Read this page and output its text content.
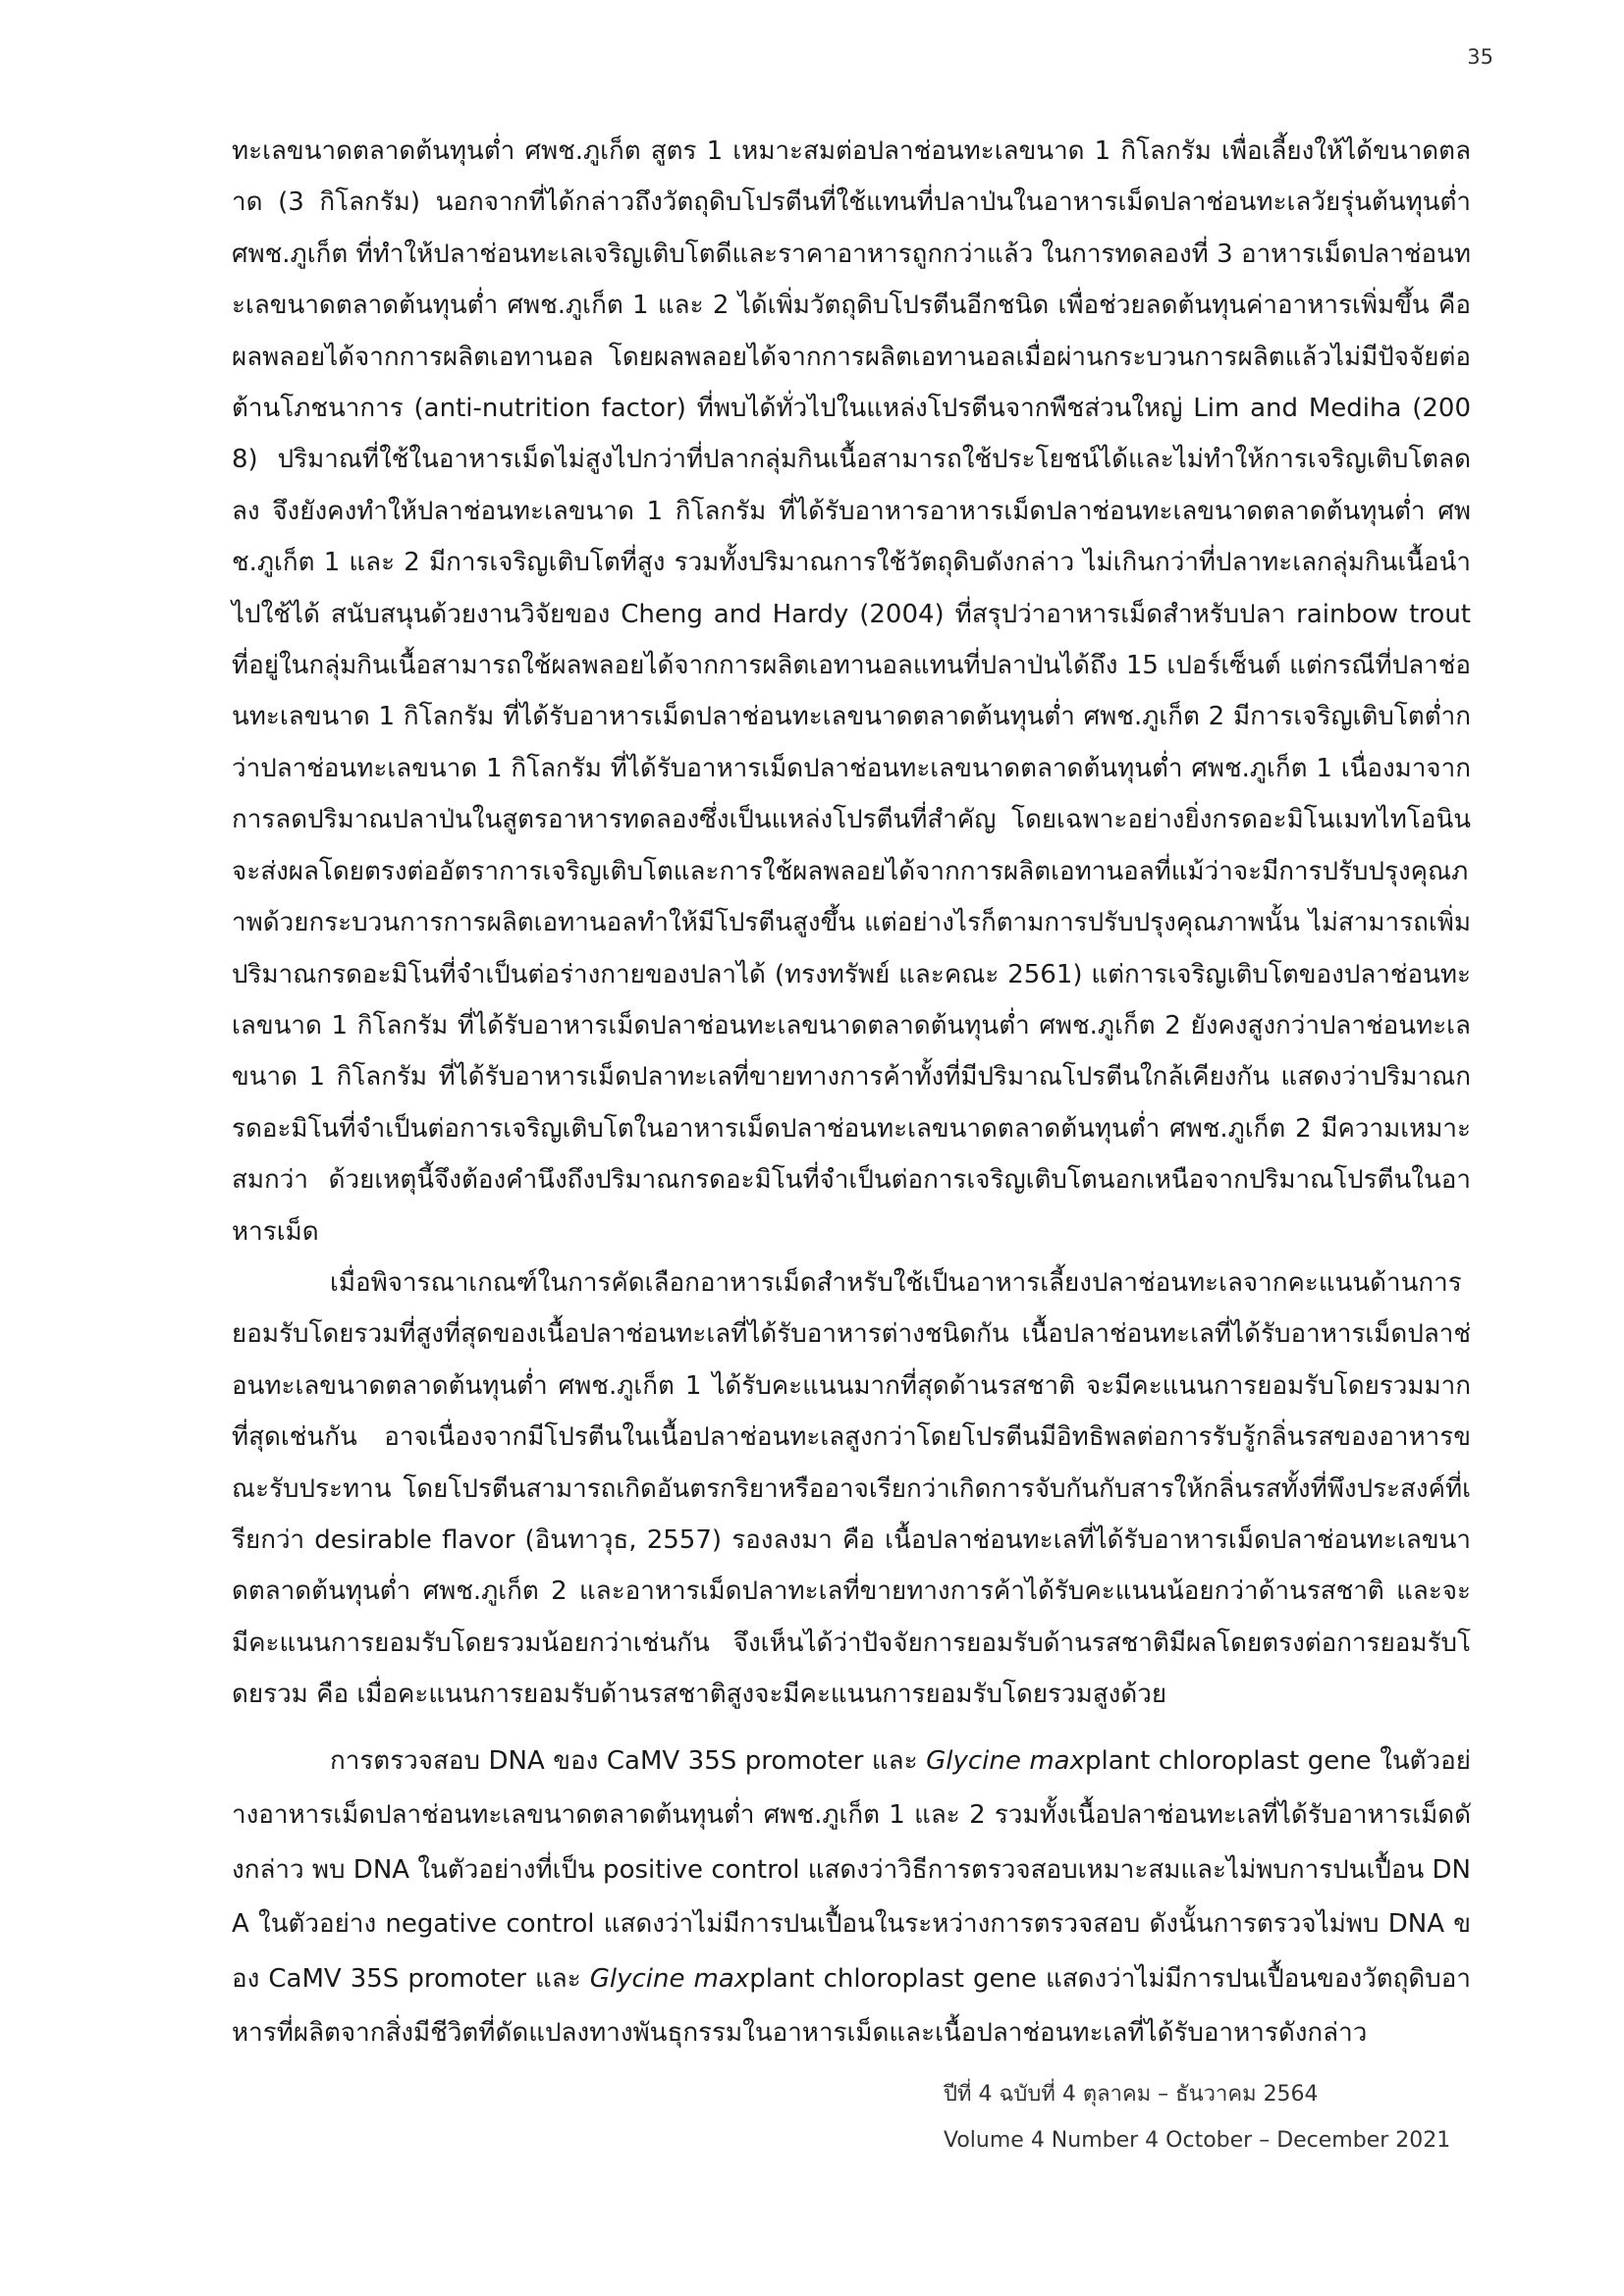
35

ทะเลขนาดตลาดต้นทุนต่ำ ศพช.ภูเก็ต สูตร 1 เหมาะสมต่อปลาช่อนทะเลขนาด 1 กิโลกรัม เพื่อเลี้ยงให้ได้ขนาดตลาด (3 กิโลกรัม) นอกจากที่ได้กล่าวถึงวัตถุดิบโปรตีนที่ใช้แทนที่ปลาป่นในอาหารเม็ดปลาช่อนทะเลวัยรุ่นต้นทุนต่ำ ศพช.ภูเก็ต ที่ทำให้ปลาช่อนทะเลเจริญเติบโตดีและราคาอาหารถูกกว่าแล้ว ในการทดลองที่ 3 อาหารเม็ดปลาช่อนทะเลขนาดตลาดต้นทุนต่ำ ศพช.ภูเก็ต 1 และ 2 ได้เพิ่มวัตถุดิบโปรตีนอีกชนิด เพื่อช่วยลดต้นทุนค่าอาหารเพิ่มขึ้น คือ ผลพลอยได้จากการผลิตเอทานอล โดยผลพลอยได้จากการผลิตเอทานอลเมื่อผ่านกระบวนการผลิตแล้วไม่มีปัจจัยต่อต้านโภชนาการ (anti-nutrition factor) ที่พบได้ทั่วไปในแหล่งโปรตีนจากพืชส่วนใหญ่ Lim and Mediha (2008) ปริมาณที่ใช้ในอาหารเม็ดไม่สูงไปกว่าที่ปลากลุ่มกินเนื้อสามารถใช้ประโยชน์ได้และไม่ทำให้การเจริญเติบโตลดลง จึงยังคงทำให้ปลาช่อนทะเลขนาด 1 กิโลกรัม ที่ได้รับอาหารอาหารเม็ดปลาช่อนทะเลขนาดตลาดต้นทุนต่ำ ศพช.ภูเก็ต 1 และ 2 มีการเจริญเติบโตที่สูง รวมทั้งปริมาณการใช้วัตถุดิบดังกล่าว ไม่เกินกว่าที่ปลาทะเลกลุ่มกินเนื้อนำไปใช้ได้ สนับสนุนด้วยงานวิจัยของ Cheng and Hardy (2004) ที่สรุปว่าอาหารเม็ดสำหรับปลา rainbow trout ที่อยู่ในกลุ่มกินเนื้อสามารถใช้ผลพลอยได้จากการผลิตเอทานอลแทนที่ปลาป่นได้ถึง 15 เปอร์เซ็นต์ แต่กรณีที่ปลาช่อนทะเลขนาด 1 กิโลกรัม ที่ได้รับอาหารเม็ดปลาช่อนทะเลขนาดตลาดต้นทุนต่ำ ศพช.ภูเก็ต 2 มีการเจริญเติบโตต่ำกว่าปลาช่อนทะเลขนาด 1 กิโลกรัม ที่ได้รับอาหารเม็ดปลาช่อนทะเลขนาดตลาดต้นทุนต่ำ ศพช.ภูเก็ต 1 เนื่องมาจากการลดปริมาณปลาป่นในสูตรอาหารทดลองซึ่งเป็นแหล่งโปรตีนที่สำคัญ โดยเฉพาะอย่างยิ่งกรดอะมิโนเมทไทโอนินจะส่งผลโดยตรงต่ออัตราการเจริญเติบโตและการใช้ผลพลอยได้จากการผลิตเอทานอลที่แม้ว่าจะมีการปรับปรุงคุณภาพด้วยกระบวนการการผลิตเอทานอลทำให้มีโปรตีนสูงขึ้น แต่อย่างไรก็ตามการปรับปรุงคุณภาพนั้น ไม่สามารถเพิ่มปริมาณกรดอะมิโนที่จำเป็นต่อร่างกายของปลาได้ (ทรงทรัพย์ และคณะ 2561) แต่การเจริญเติบโตของปลาช่อนทะเลขนาด 1 กิโลกรัม ที่ได้รับอาหารเม็ดปลาช่อนทะเลขนาดตลาดต้นทุนต่ำ ศพช.ภูเก็ต 2 ยังคงสูงกว่าปลาช่อนทะเลขนาด 1 กิโลกรัม ที่ได้รับอาหารเม็ดปลาทะเลที่ขายทางการค้าทั้งที่มีปริมาณโปรตีนใกล้เคียงกัน แสดงว่าปริมาณกรดอะมิโนที่จำเป็นต่อการเจริญเติบโตในอาหารเม็ดปลาช่อนทะเลขนาดตลาดต้นทุนต่ำ ศพช.ภูเก็ต 2 มีความเหมาะสมกว่า ด้วยเหตุนี้จึงต้องคำนึงถึงปริมาณกรดอะมิโนที่จำเป็นต่อการเจริญเติบโตนอกเหนือจากปริมาณโปรตีนในอาหารเม็ด

เมื่อพิจารณาเกณฑ์ในการคัดเลือกอาหารเม็ดสำหรับใช้เป็นอาหารเลี้ยงปลาช่อนทะเลจากคะแนนด้านการยอมรับโดยรวมที่สูงที่สุดของเนื้อปลาช่อนทะเลที่ได้รับอาหารต่างชนิดกัน เนื้อปลาช่อนทะเลที่ได้รับอาหารเม็ดปลาช่อนทะเลขนาดตลาดต้นทุนต่ำ ศพช.ภูเก็ต 1 ได้รับคะแนนมากที่สุดด้านรสชาติ จะมีคะแนนการยอมรับโดยรวมมากที่สุดเช่นกัน อาจเนื่องจากมีโปรตีนในเนื้อปลาช่อนทะเลสูงกว่าโดยโปรตีนมีอิทธิพลต่อการรับรู้กลิ่นรสของอาหารขณะรับประทาน โดยโปรตีนสามารถเกิดอันตรกริยาหรืออาจเรียกว่าเกิดการจับกันกับสารให้กลิ่นรสทั้งที่พึงประสงค์ที่เรียกว่า desirable flavor (อินทาวุธ, 2557) รองลงมา คือ เนื้อปลาช่อนทะเลที่ได้รับอาหารเม็ดปลาช่อนทะเลขนาดตลาดต้นทุนต่ำ ศพช.ภูเก็ต 2 และอาหารเม็ดปลาทะเลที่ขายทางการค้าได้รับคะแนนน้อยกว่าด้านรสชาติ และจะมีคะแนนการยอมรับโดยรวมน้อยกว่าเช่นกัน จึงเห็นได้ว่าปัจจัยการยอมรับด้านรสชาติมีผลโดยตรงต่อการยอมรับโดยรวม คือ เมื่อคะแนนการยอมรับด้านรสชาติสูงจะมีคะแนนการยอมรับโดยรวมสูงด้วย

การตรวจสอบ DNA ของ CaMV 35S promoter และ Glycine maxplant chloroplast gene ในตัวอย่างอาหารเม็ดปลาช่อนทะเลขนาดตลาดต้นทุนต่ำ ศพช.ภูเก็ต 1 และ 2 รวมทั้งเนื้อปลาช่อนทะเลที่ได้รับอาหารเม็ดดังกล่าว พบ DNA ในตัวอย่างที่เป็น positive control แสดงว่าวิธีการตรวจสอบเหมาะสมและไม่พบการปนเปื้อน DNA ในตัวอย่าง negative control แสดงว่าไม่มีการปนเปื้อนในระหว่างการตรวจสอบ ดังนั้นการตรวจไม่พบ DNA ของ CaMV 35S promoter และ Glycine maxplant chloroplast gene แสดงว่าไม่มีการปนเปื้อนของวัตถุดิบอาหารที่ผลิตจากสิ่งมีชีวิตที่ดัดแปลงทางพันธุกรรมในอาหารเม็ดและเนื้อปลาช่อนทะเลที่ได้รับอาหารดังกล่าว

ปีที่ 4 ฉบับที่ 4 ตุลาคม – ธันวาคม 2564
Volume 4 Number 4 October – December 2021
